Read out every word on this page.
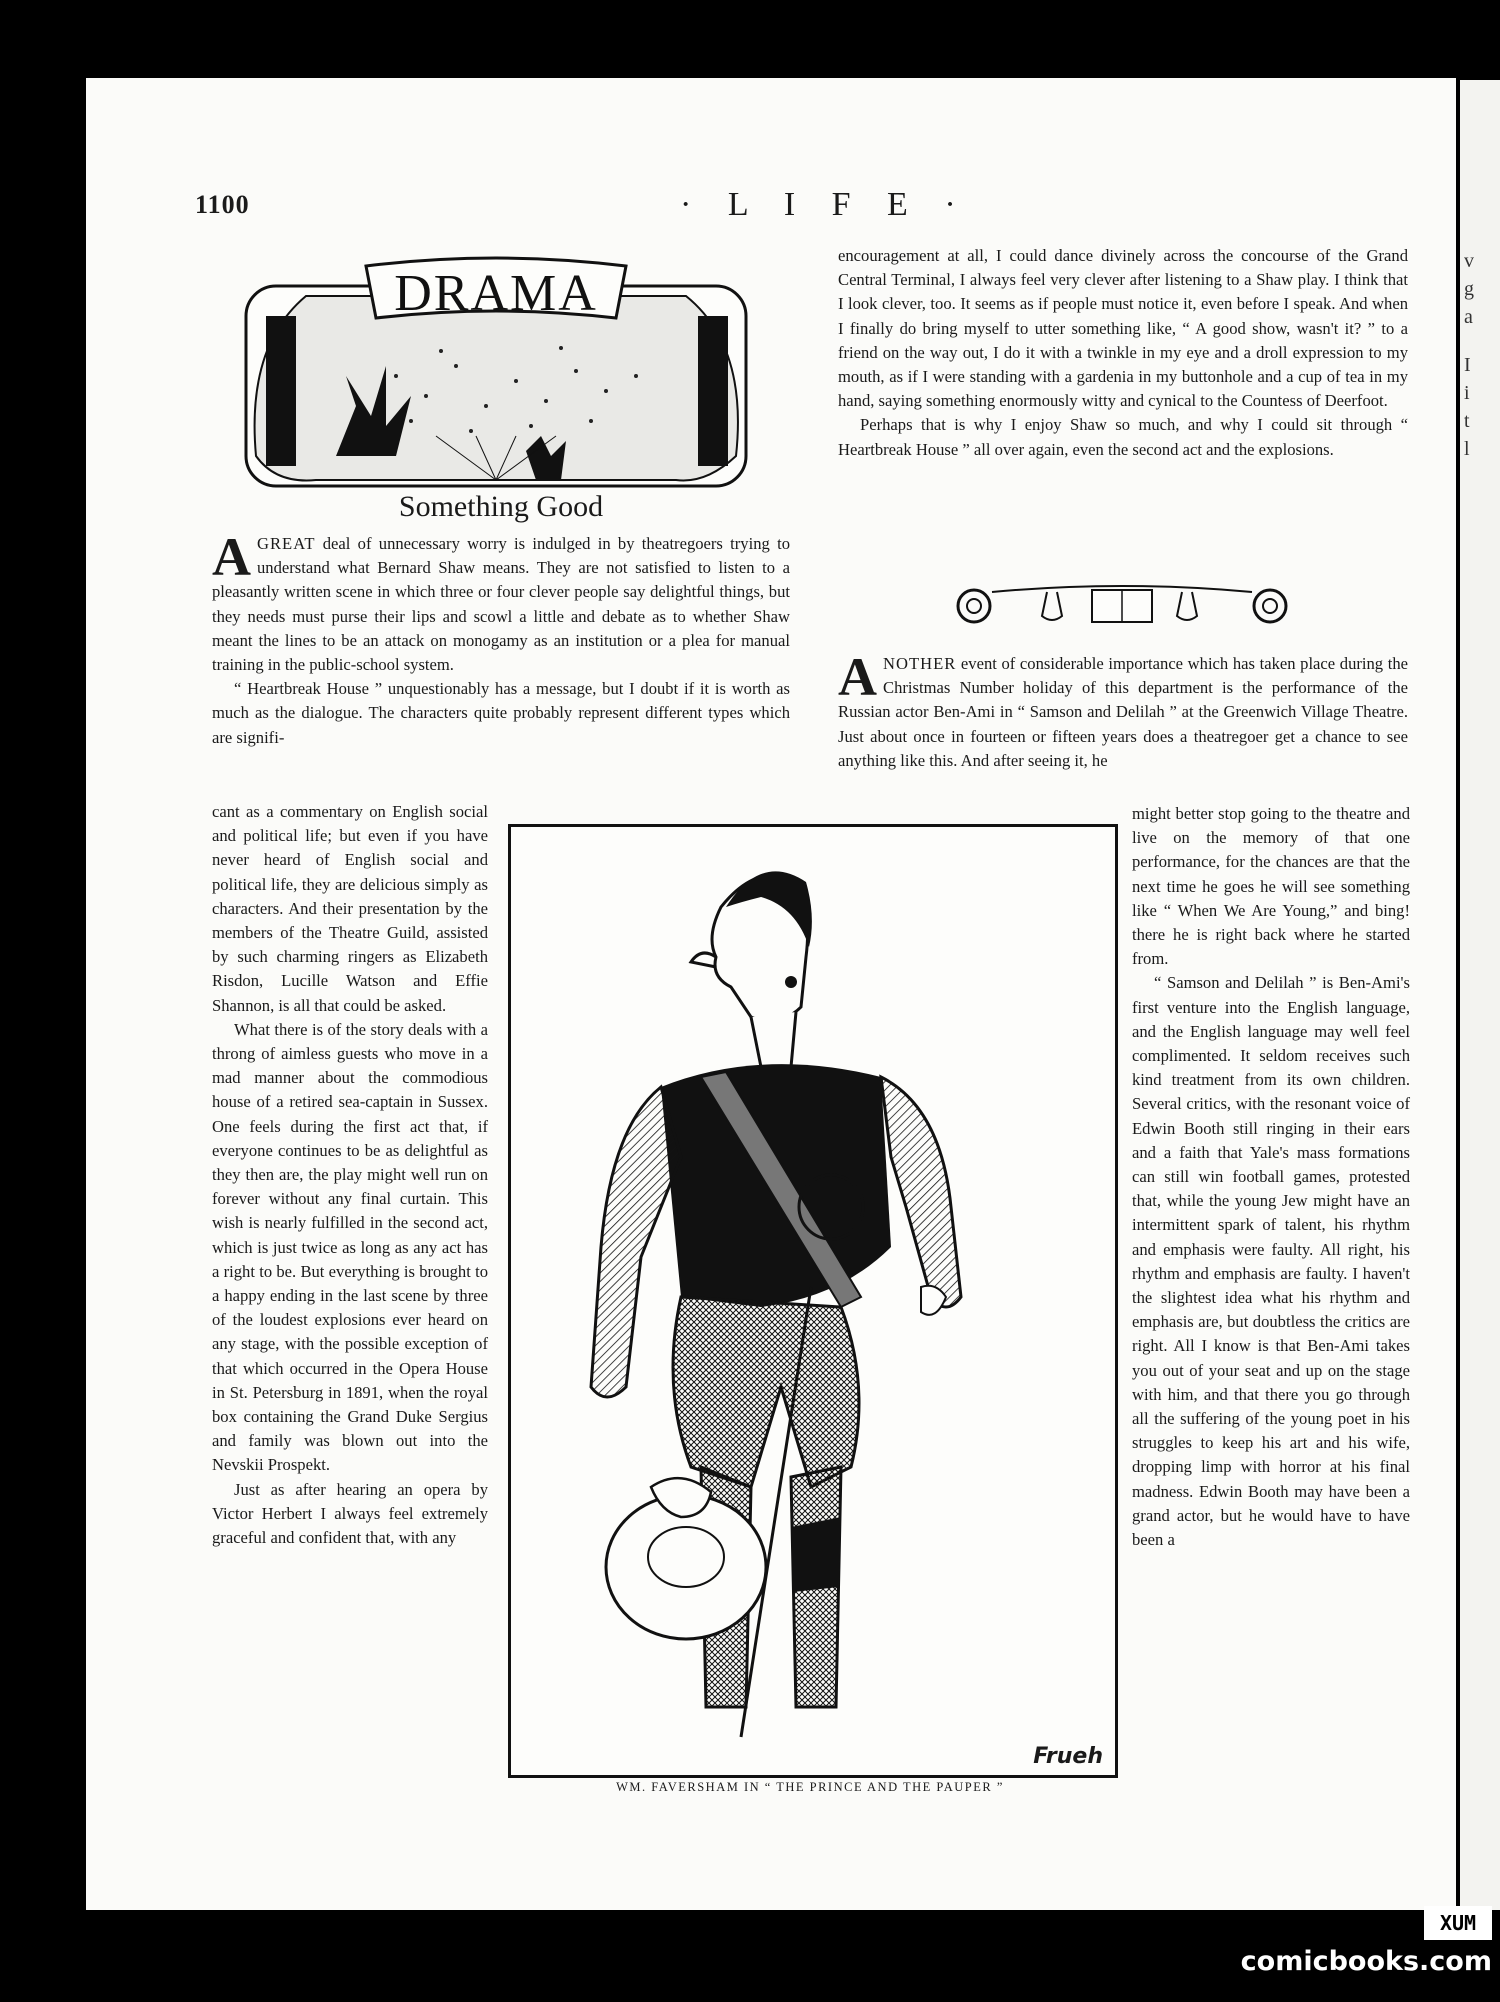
v
g
a
I
i
t
l
1100	· L I F E ·
DRAMA
Something Good

AGREAT deal of unnecessary worry is indulged in by theatregoers trying to understand what Bernard Shaw means. They are not satisfied to listen to a pleasantly written scene in which three or four clever people say delightful things, but they needs must purse their lips and scowl a little and debate as to whether Shaw meant the lines to be an attack on monogamy as an institution or a plea for manual training in the public-school system.

“ Heartbreak House ” unquestionably has a message, but I doubt if it is worth as much as the dialogue. The characters quite probably represent different types which are signifi-

cant as a commentary on English social and political life; but even if you have never heard of English social and political life, they are delicious simply as characters. And their presentation by the members of the Theatre Guild, assisted by such charming ringers as Elizabeth Risdon, Lucille Watson and Effie Shannon, is all that could be asked.

What there is of the story deals with a throng of aimless guests who move in a mad manner about the commodious house of a retired sea-captain in Sussex. One feels during the first act that, if everyone continues to be as delightful as they then are, the play might well run on forever without any final curtain. This wish is nearly fulfilled in the second act, which is just twice as long as any act has a right to be. But everything is brought to a happy ending in the last scene by three of the loudest explosions ever heard on any stage, with the possible exception of that which occurred in the Opera House in St. Petersburg in 1891, when the royal box containing the Grand Duke Sergius and family was blown out into the Nevskii Prospekt.

Just as after hearing an opera by Victor Herbert I always feel extremely graceful and confident that, with any

encouragement at all, I could dance divinely across the concourse of the Grand Central Terminal, I always feel very clever after listening to a Shaw play. I think that I look clever, too. It seems as if people must notice it, even before I speak. And when I finally do bring myself to utter something like, “ A good show, wasn't it? ” to a friend on the way out, I do it with a twinkle in my eye and a droll expression to my mouth, as if I were standing with a gardenia in my buttonhole and a cup of tea in my hand, saying something enormously witty and cynical to the Countess of Deerfoot.

Perhaps that is why I enjoy Shaw so much, and why I could sit through “ Heartbreak House ” all over again, even the second act and the explosions.

ANOTHER event of considerable importance which has taken place during the Christmas Number holiday of this department is the performance of the Russian actor Ben-Ami in “ Samson and Delilah ” at the Greenwich Village Theatre. Just about once in fourteen or fifteen years does a theatregoer get a chance to see anything like this. And after seeing it, he

might better stop going to the theatre and live on the memory of that one performance, for the chances are that the next time he goes he will see something like “ When We Are Young,” and bing! there he is right back where he started from.

“ Samson and Delilah ” is Ben-Ami's first venture into the English language, and the English language may well feel complimented. It seldom receives such kind treatment from its own children. Several critics, with the resonant voice of Edwin Booth still ringing in their ears and a faith that Yale's mass formations can still win football games, protested that, while the young Jew might have an intermittent spark of talent, his rhythm and emphasis were faulty. All right, his rhythm and emphasis are faulty. I haven't the slightest idea what his rhythm and emphasis are, but doubtless the critics are right. All I know is that Ben-Ami takes you out of your seat and up on the stage with him, and that there you go through all the suffering of the young poet in his struggles to keep his art and his wife, dropping limp with horror at his final madness. Edwin Booth may have been a grand actor, but he would have to have been a

Frueh
WM. FAVERSHAM IN “ THE PRINCE AND THE PAUPER ”
XUM
comicbooks.com
